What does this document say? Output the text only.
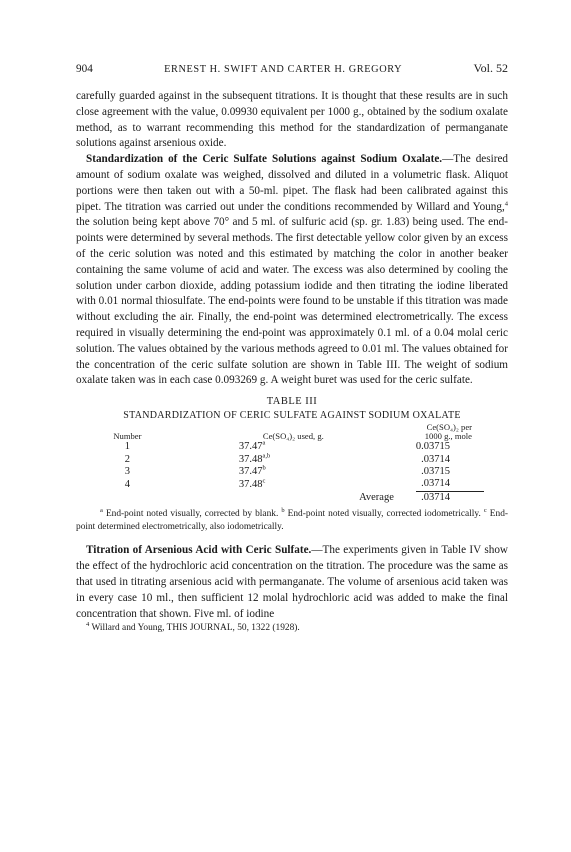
904	ERNEST H. SWIFT AND CARTER H. GREGORY	Vol. 52

carefully guarded against in the subsequent titrations. It is thought that these results are in such close agreement with the value, 0.09930 equivalent per 1000 g., obtained by the sodium oxalate method, as to warrant recommending this method for the standardization of permanganate solutions against arsenious oxide.

Standardization of the Ceric Sulfate Solutions against Sodium Oxalate.—The desired amount of sodium oxalate was weighed, dissolved and diluted in a volumetric flask. Aliquot portions were then taken out with a 50-ml. pipet. The flask had been calibrated against this pipet. The titration was carried out under the conditions recommended by Willard and Young,$^4$ the solution being kept above 70° and 5 ml. of sulfuric acid (sp. gr. 1.83) being used. The end-points were determined by several methods. The first detectable yellow color given by an excess of the ceric solution was noted and this estimated by matching the color in another beaker containing the same volume of acid and water. The excess was also determined by cooling the solution under carbon dioxide, adding potassium iodide and then titrating the iodine liberated with 0.01 normal thiosulfate. The end-points were found to be unstable if this titration was made without excluding the air. Finally, the end-point was determined electrometrically. The excess required in visually determining the end-point was approximately 0.1 ml. of a 0.04 molal ceric solution. The values obtained by the various methods agreed to 0.01 ml. The values obtained for the concentration of the ceric sulfate solution are shown in Table III. The weight of sodium oxalate taken was in each case 0.093269 g. A weight buret was used for the ceric sulfate.

TABLE III
STANDARDIZATION OF CERIC SULFATE AGAINST SODIUM OXALATE
Number	Ce(SO₄)₂ used, g.	Ce(SO₄)₂ per 1000 g., mole
1	37.47$^a$	0.03715
2	37.48$^{a,b}$	.03714
3	37.47$^b$	.03715
4	37.48$^c$	.03714
	Average	.03714
$^a$ End-point noted visually, corrected by blank. $^b$ End-point noted visually, corrected iodometrically. $^c$ End-point determined electrometrically, also iodometrically.

Titration of Arsenious Acid with Ceric Sulfate.—The experiments given in Table IV show the effect of the hydrochloric acid concentration on the titration. The procedure was the same as that used in titrating arsenious acid with permanganate. The volume of arsenious acid taken was in every case 10 ml., then sufficient 12 molal hydrochloric acid was added to make the final concentration that shown. Five ml. of iodine

$^4$ Willard and Young, THIS JOURNAL, 50, 1322 (1928).
